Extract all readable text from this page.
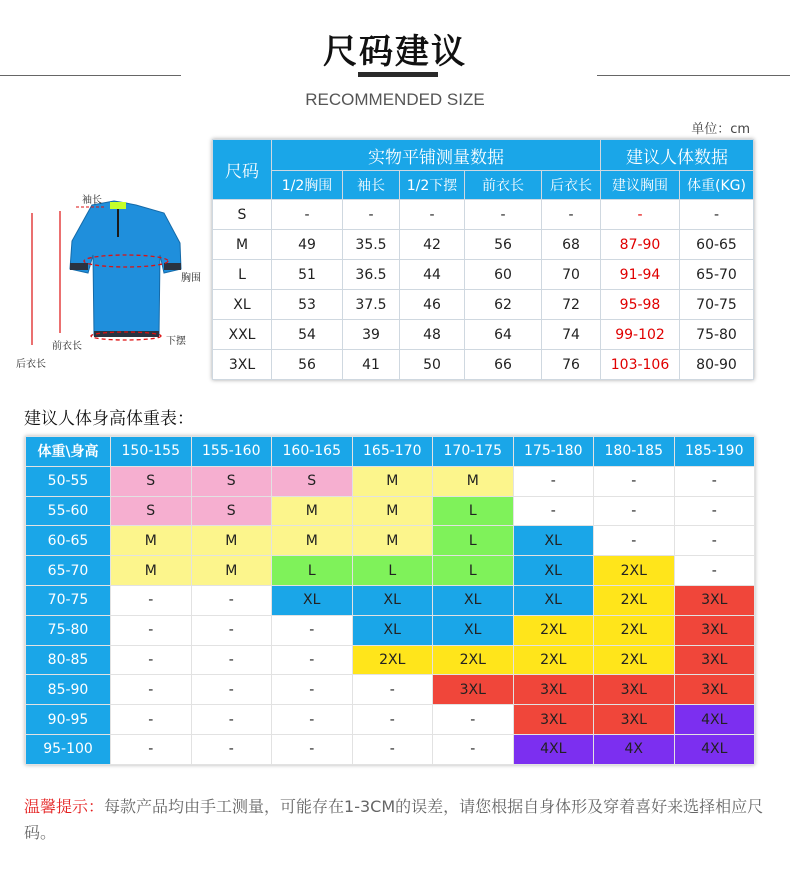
尺码建议
RECOMMENDED SIZE
单位：cm
袖长
胸围
前衣长	下摆
后衣长
尺码	实物平铺测量数据					建议人体数据	
	1/2胸围	袖长	1/2下摆	前衣长	后衣长	建议胸围	体重(KG)
S	-	-	-	-	-	-	-
M	49	35.5	42	56	68	87-90	60-65
L	51	36.5	44	60	70	91-94	65-70
XL	53	37.5	46	62	72	95-98	70-75
XXL	54	39	48	64	74	99-102	75-80
3XL	56	41	50	66	76	103-106	80-90
建议人体身高体重表：
体重\身高	150-155	155-160	160-165	165-170	170-175	175-180	180-185	185-190
50-55	S	S	S	M	M	-	-	-
55-60	S	S	M	M	L	-	-	-
60-65	M	M	M	M	L	XL	-	-
65-70	M	M	L	L	L	XL	2XL	-
70-75	-	-	XL	XL	XL	XL	2XL	3XL
75-80	-	-	-	XL	XL	2XL	2XL	3XL
80-85	-	-	-	2XL	2XL	2XL	2XL	3XL
85-90	-	-	-	-	3XL	3XL	3XL	3XL
90-95	-	-	-	-	-	3XL	3XL	4XL
95-100	-	-	-	-	-	4XL	4X	4XL
温馨提示：每款产品均由手工测量，可能存在1-3CM的误差，请您根据自身体形及穿着喜好来选择相应尺码。
